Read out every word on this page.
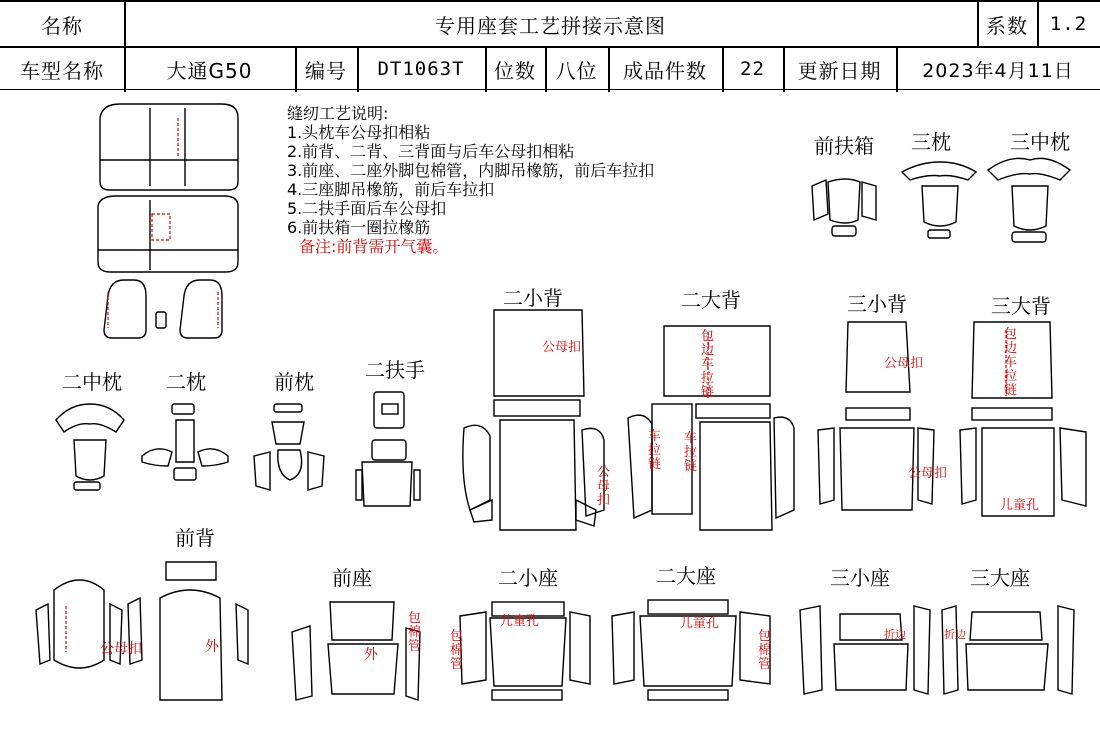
名称	专用座套工艺拼接示意图	系数	1.2
车型名称	大通G50	编号	DT1063T	位数 八位	成品件数	22	更新日期	2023年4月11日
缝纫工艺说明:
1.头枕车公母扣相粘
2.前背、二背、三背面与后车公母扣相粘
3.前座、二座外脚包棉管，内脚吊橡筋，前后车拉扣
4.三座脚吊橡筋，前后车拉扣
5.二扶手面后车公母扣
6.前扶箱一圈拉橡筋
备注:前背需开气囊。
前扶箱 三枕	三中枕
二小背	二大背	三小背	三大背
二中枕 二枕	前枕	二扶手
前背
前座	二小座	二大座	三小座	三大座
公母扣
公母扣
公母扣
公母扣	外	外
儿童孔
儿童孔	儿童孔
公母扣
包边车拉链
包边车拉链
车拉链
车拉链
包棉管
包棉管
包棉管
折边	折边
